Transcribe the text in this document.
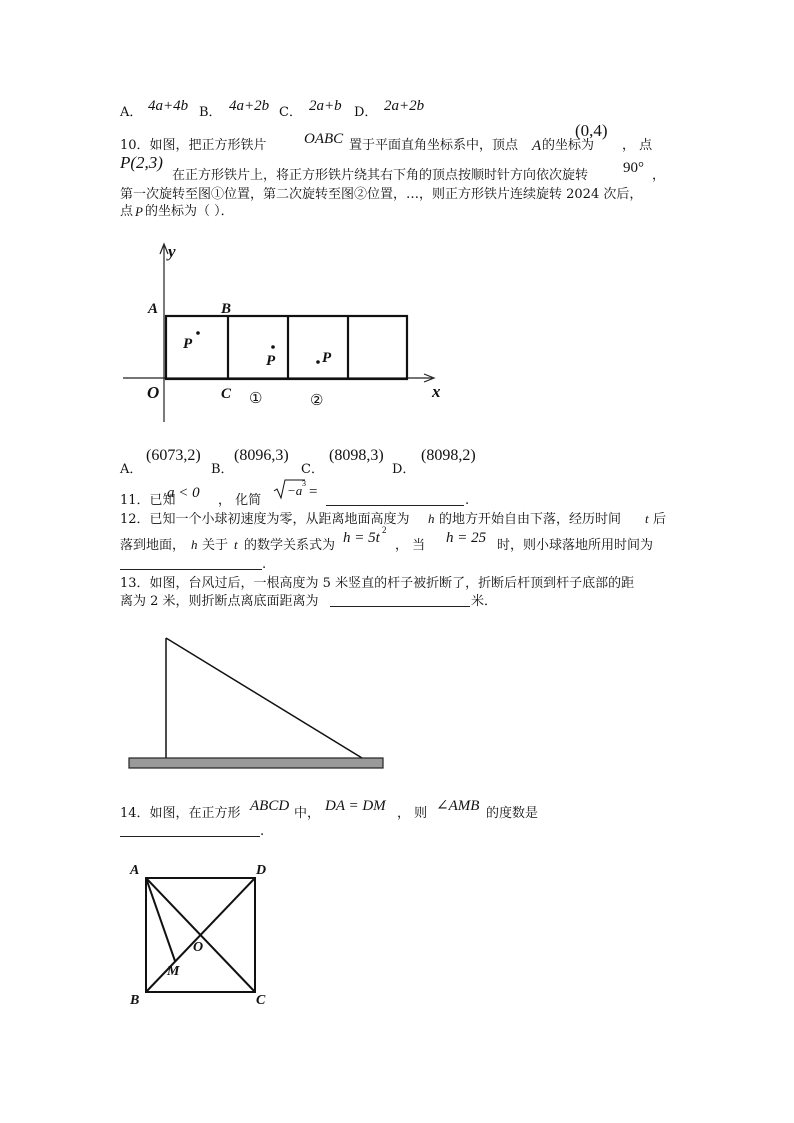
A． 4a+4b B． 4a+2b C． 2a+b D． 2a+2b
10．如图，把正方形铁片 OABC 置于平面直角坐标系中，顶点 A 的坐标为
(0,4)
， 点
P(2,3)
在正方形铁片上，将正方形铁片绕其右下角的顶点按顺时针方向依次旋转 90° ，
第一次旋转至图①位置，第二次旋转至图②位置，…，则正方形铁片连续旋转 2024 次后，
点 P 的坐标为（ ）．
y
A	B
P
P	P
O	C	x
①	②
A．
(6073,2)
B．
(8096,3)
C．
(8098,3)
D．
(8098,2)
11．已知
a < 0 ， 化简
−a 3
=
.
12．已知一个小球初速度为零，从距离地面高度为 h 的地方开始自由下落，经历时间 t 后
落到地面， h 关于 t 的数学关系式为 h = 5t 2
， 当 h = 25 时，则小球落地所用时间为
.
13．如图，台风过后，一根高度为 5 米竖直的杆子被折断了，折断后杆顶到杆子底部的距
离为 2 米，则折断点离底面距离为	米．
14．如图，在正方形 ABCD 中， DA = DM ， 则 ∠AMB 的度数是
.
A	D
O
M
B	C
